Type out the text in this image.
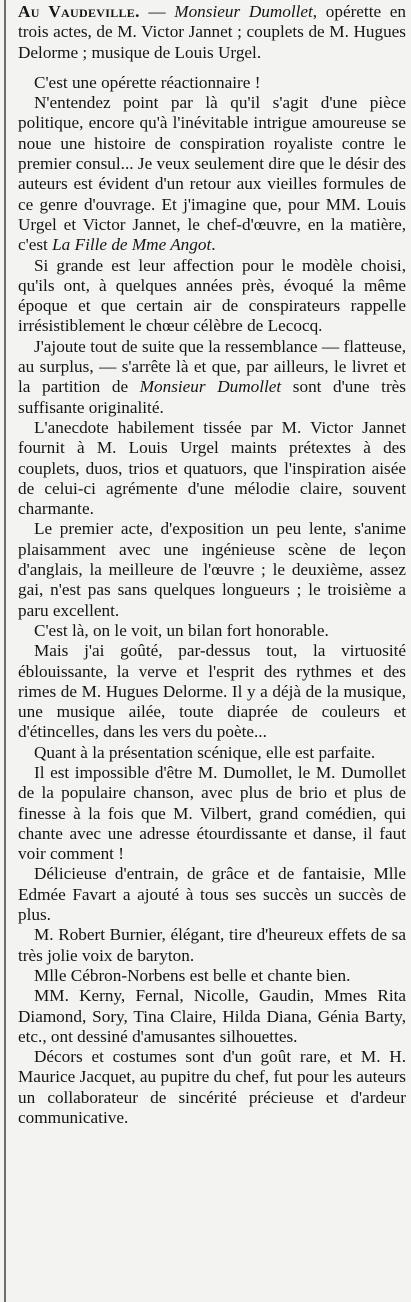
Au Vaudeville. — Monsieur Dumollet, opérette en trois actes, de M. Victor Jannet ; couplets de M. Hugues Delorme ; musique de Louis Urgel.

C'est une opérette réactionnaire !

N'entendez point par là qu'il s'agit d'une pièce politique, encore qu'à l'inévitable intrigue amoureuse se noue une histoire de conspiration royaliste contre le premier consul... Je veux seulement dire que le désir des auteurs est évident d'un retour aux vieilles formules de ce genre d'ouvrage. Et j'imagine que, pour MM. Louis Urgel et Victor Jannet, le chef-d'œuvre, en la matière, c'est La Fille de Mme Angot.

Si grande est leur affection pour le modèle choisi, qu'ils ont, à quelques années près, évoqué la même époque et que certain air de conspirateurs rappelle irrésistiblement le chœur célèbre de Lecocq.

J'ajoute tout de suite que la ressemblance — flatteuse, au surplus, — s'arrête là et que, par ailleurs, le livret et la partition de Monsieur Dumollet sont d'une très suffisante originalité.

L'anecdote habilement tissée par M. Victor Jannet fournit à M. Louis Urgel maints prétextes à des couplets, duos, trios et quatuors, que l'inspiration aisée de celui-ci agrémente d'une mélodie claire, souvent charmante.

Le premier acte, d'exposition un peu lente, s'anime plaisamment avec une ingénieuse scène de leçon d'anglais, la meilleure de l'œuvre ; le deuxième, assez gai, n'est pas sans quelques longueurs ; le troisième a paru excellent.

C'est là, on le voit, un bilan fort honorable.

Mais j'ai goûté, par-dessus tout, la virtuosité éblouissante, la verve et l'esprit des rythmes et des rimes de M. Hugues Delorme. Il y a déjà de la musique, une musique ailée, toute diaprée de couleurs et d'étincelles, dans les vers du poète...

Quant à la présentation scénique, elle est parfaite.

Il est impossible d'être M. Dumollet, le M. Dumollet de la populaire chanson, avec plus de brio et plus de finesse à la fois que M. Vilbert, grand comédien, qui chante avec une adresse étourdissante et danse, il faut voir comment !

Délicieuse d'entrain, de grâce et de fantaisie, Mlle Edmée Favart a ajouté à tous ses succès un succès de plus.

M. Robert Burnier, élégant, tire d'heureux effets de sa très jolie voix de baryton.

Mlle Cébron-Norbens est belle et chante bien.

MM. Kerny, Fernal, Nicolle, Gaudin, Mmes Rita Diamond, Sory, Tina Claire, Hilda Diana, Génia Barty, etc., ont dessiné d'amusantes silhouettes.

Décors et costumes sont d'un goût rare, et M. H. Maurice Jacquet, au pupitre du chef, fut pour les auteurs un collaborateur de sincérité précieuse et d'ardeur communicative.
